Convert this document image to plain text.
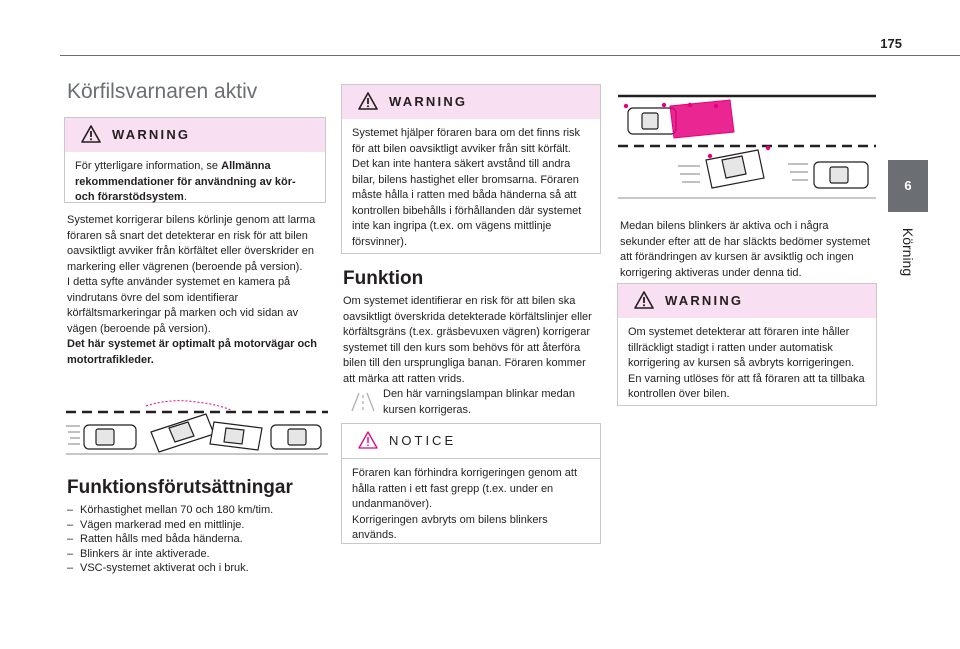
175
6
Körning
Körfilsvarnaren aktiv
WARNING
För ytterligare information, se Allmänna rekommendationer för användning av kör- och förarstödsystem.
Systemet korrigerar bilens körlinje genom att larma föraren så snart det detekterar en risk för att bilen oavsiktligt avviker från körfältet eller överskrider en markering eller vägrenen (beroende på version).
I detta syfte använder systemet en kamera på vindrutans övre del som identifierar körfältsmarkeringar på marken och vid sidan av vägen (beroende på version).
Det här systemet är optimalt på motorvägar och motortrafikleder.
Funktionsförutsättningar
– Körhastighet mellan 70 och 180 km/tim.
– Vägen markerad med en mittlinje.
– Ratten hålls med båda händerna.
– Blinkers är inte aktiverade.
– VSC-systemet aktiverat och i bruk.
WARNING
Systemet hjälper föraren bara om det finns risk för att bilen oavsiktligt avviker från sitt körfält. Det kan inte hantera säkert avstånd till andra bilar, bilens hastighet eller bromsarna. Föraren måste hålla i ratten med båda händerna så att kontrollen bibehålls i förhållanden där systemet inte kan ingripa (t.ex. om vägens mittlinje försvinner).
Funktion
Om systemet identifierar en risk för att bilen ska oavsiktligt överskrida detekterade körfältslinjer eller körfältsgräns (t.ex. gräsbevuxen vägren) korrigerar systemet till den kurs som behövs för att återföra bilen till den ursprungliga banan. Föraren kommer att märka att ratten vrids.
Den här varningslampan blinkar medan kursen korrigeras.
NOTICE
Föraren kan förhindra korrigeringen genom att hålla ratten i ett fast grepp (t.ex. under en undanmanöver).
Korrigeringen avbryts om bilens blinkers används.
Medan bilens blinkers är aktiva och i några sekunder efter att de har släckts bedömer systemet att förändringen av kursen är avsiktlig och ingen korrigering aktiveras under denna tid.
WARNING
Om systemet detekterar att föraren inte håller tillräckligt stadigt i ratten under automatisk korrigering av kursen så avbryts korrigeringen. En varning utlöses för att få föraren att ta tillbaka kontrollen över bilen.
